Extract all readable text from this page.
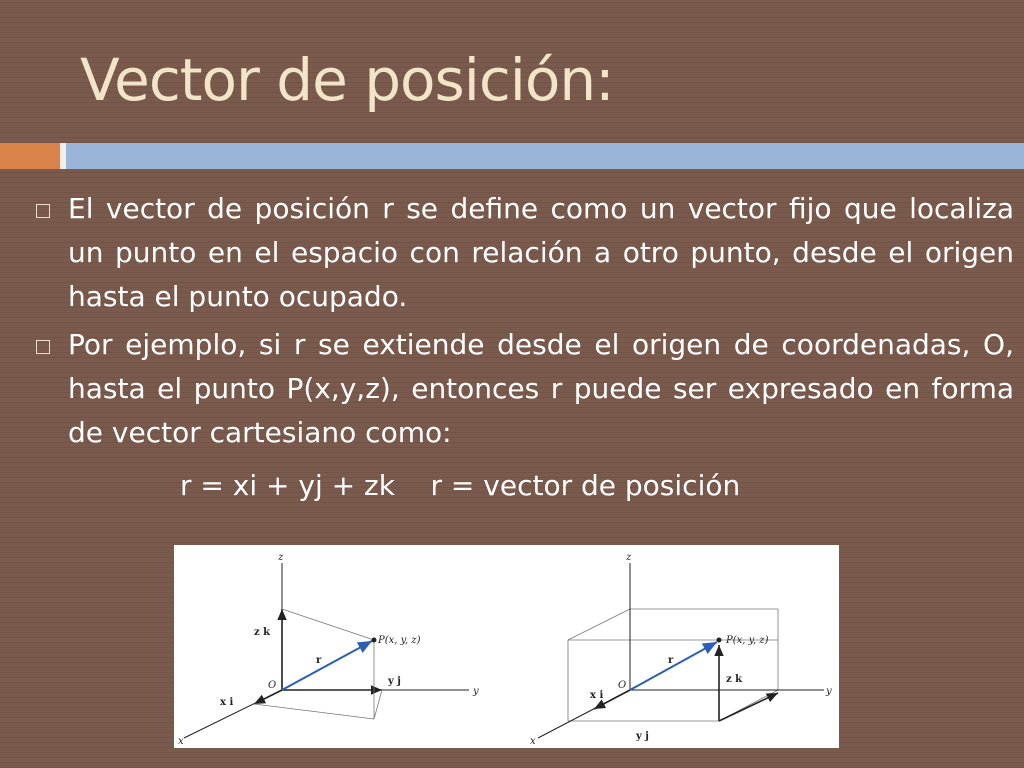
Vector de posición:
El vector de posición r se define como un vector fijo que localiza un punto en el espacio con relación a otro punto, desde el origen hasta el punto ocupado.
Por ejemplo, si r se extiende desde el origen de coordenadas, O, hasta el punto P(x,y,z), entonces r puede ser expresado en forma de vector cartesiano como:
r = xi + yj + zk    r = vector de posición
z
y
x
z k
y j
x i
O
r
P(x, y, z)
z
y
x
z k
y j
x i
O
r
P(x, y, z)
